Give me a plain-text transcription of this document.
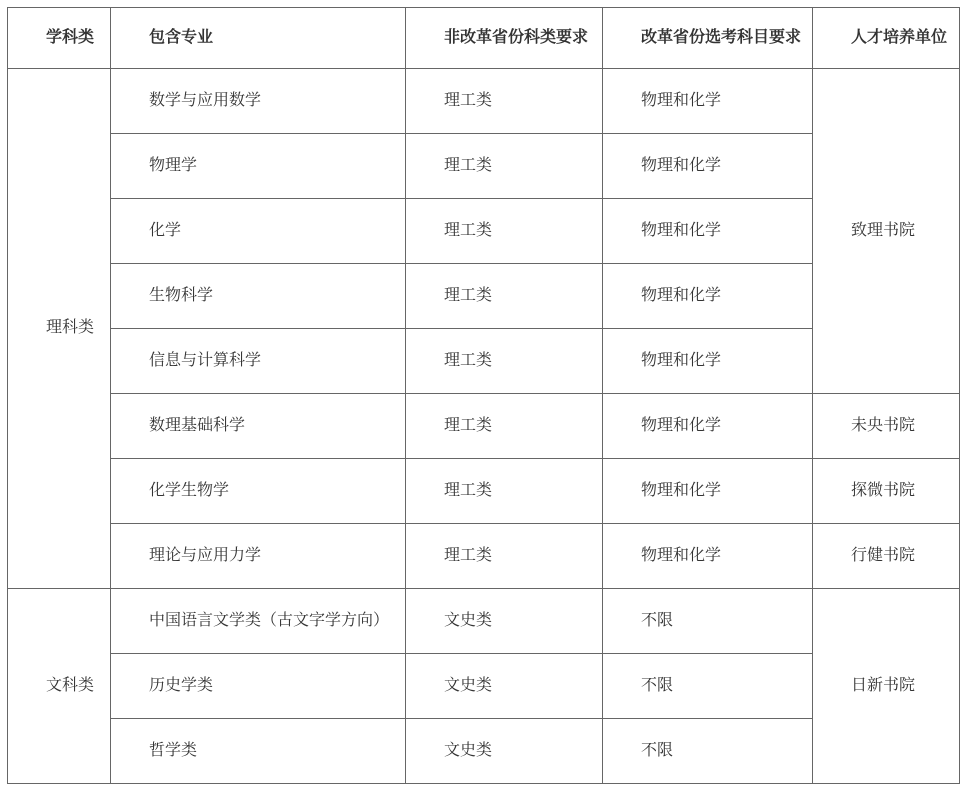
学科类	包含专业	非改革省份科类要求	改革省份选考科目要求	人才培养单位
理科类	数学与应用数学	理工类	物理和化学	致理书院
	物理学	理工类	物理和化学	
	化学	理工类	物理和化学	
	生物科学	理工类	物理和化学	
	信息与计算科学	理工类	物理和化学	
	数理基础科学	理工类	物理和化学	未央书院
	化学生物学	理工类	物理和化学	探微书院
	理论与应用力学	理工类	物理和化学	行健书院
文科类	中国语言文学类（古文字学方向）	文史类	不限	日新书院
	历史学类	文史类	不限	
	哲学类	文史类	不限	
